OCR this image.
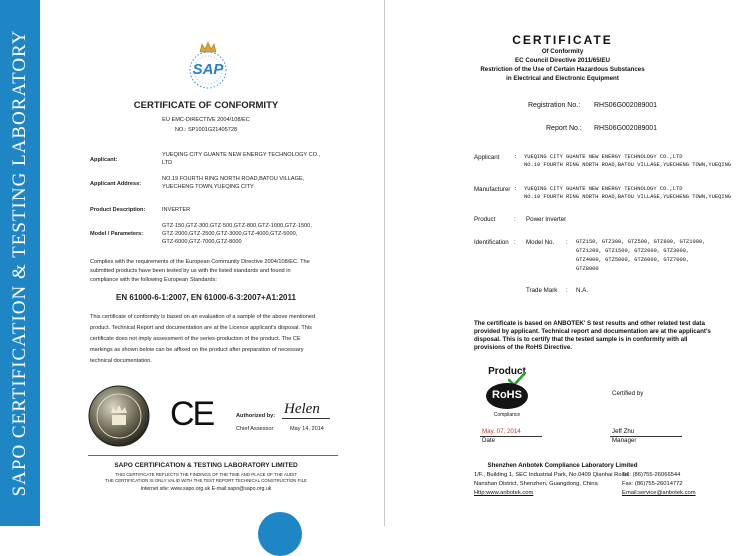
SAPO CERTIFICATION & TESTING LABORATORY	SAP
CERTIFICATE OF CONFORMITY
EU EMC-DIRECTIVE 2004/108/EC
NO.: SP1001G21405728
Applicant:
YUEQING CITY GUANTE NEW ENERGY TECHNOLOGY CO.,
LTD
Applicant Address:
NO.19 FOURTH RING NORTH ROAD,BATOU VILLAGE,
YUECHENG TOWN,YUEQING CITY
Product Description:	INVERTER
Model / Parameters:
GTZ-150,GTZ-300,GTZ-500,GTZ-800,GTZ-1000,GTZ-1500,
GTZ-2000,GTZ-2500,GTZ-3000,GTZ-4000,GTZ-5000,
GTZ-6000,GTZ-7000,GTZ-8000
Complies with the requirements of the European Community Directive 2004/108/EC. The
submitted products have been tested by us with the listed standards and found in
compliance with the following European Standards:
EN 61000-6-1:2007, EN 61000-6-3:2007+A1:2011
This certificate of conformity is based on an evaluation of a sample of the above mentioned
product. Technical Report and documentation are at the Licence applicant's disposal. This
certificate does not imply assessment of the series-production of the product. The CE
markings as shown below can be affixed on the product after preparation of necessary
technical documentation.
CE	Authorized by: Helen
Chief Assessor	May 14, 2014
SAPO CERTIFICATION & TESTING LABORATORY LIMITED
THIS CERTIFICATE REFLECTS THE FINDINGS OF THE TIME AND PLACE OF THE AUDIT
THE CERTIFICATION IS ONLY VALID WITH THE TEST REPORT TECHNICAL CONSTRUCTION FILE
Internet site: www.sapo.org.uk E-mail:sapo@sapo.org.uk
CERTIFICATE
Of Conformity
EC Council Directive 2011/65/EU
Restriction of the Use of Certain Hazardous Substances
in Electrical and Electronic Equipment
Registration No.: RHS06G002089001
Report No.: RHS06G002089001
Applicant	: YUEQING CITY GUANTE NEW ENERGY TECHNOLOGY CO.,LTD
NO.19 FOURTH RING NORTH ROAD,BATOU VILLAGE,YUECHENG TOWN,YUEQING
Manufacturer : YUEQING CITY GUANTE NEW ENERGY TECHNOLOGY CO.,LTD
NO.19 FOURTH RING NORTH ROAD,BATOU VILLAGE,YUECHENG TOWN,YUEQING
Product	: Power Inverter
Identification : Model No. : GTZ150, GTZ300, GTZ500, GTZ800, GTZ1000,
GTZ1200, GTZ1500, GTZ2000, GTZ3000,
GTZ4000, GTZ5000, GTZ6000, GTZ7000,
GTZ8000
Trade Mark : N.A.
The certificate is based on ANBOTEK' S test results and other related test data
provided by applicant. Technical report and documentation are at the applicant's
disposal. This is to certify that the tested sample is in conformity with all
provisions of the RoHS Directive.
Product
RoHS
Compliance
Certified by
May. 07, 2014
Date
Jeff Zhu
Manager
Shenzhen Anbotek Compliance Laboratory Limited
1/F., Building 1, SEC Industrial Park, No.0409 Qianhai Road,
Tel: (86)755-26066544
Nanshan District, Shenzhen, Guangdong, China	Fax: (86)755-26014772
Http:www.anbotek.com	Email:service@anbotek.com
